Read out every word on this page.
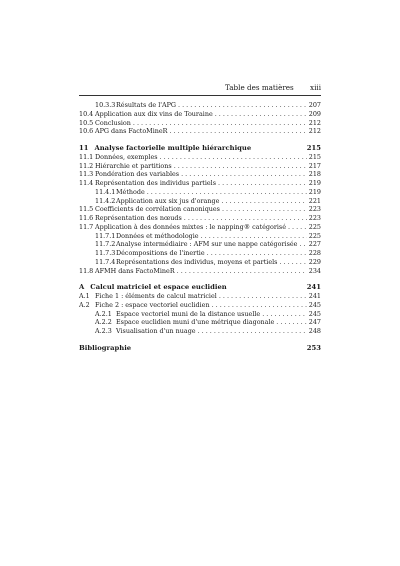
Table des matières xiii
10.3.3 Résultats de l'APG . . .	207
10.4 Application aux dix vins de Touraine . . .	209
10.5 Conclusion . . .	212
10.6 APG dans FactoMineR . . .	212
11 Analyse factorielle multiple hiérarchique	215
11.1 Données, exemples . . .	215
11.2 Hiérarchie et partitions . . .	217
11.3 Pondération des variables . . .	218
11.4 Représentation des individus partiels . . .	219
11.4.1 Méthode . . .	219
11.4.2 Application aux six jus d'orange . . .	221
11.5 Coefficients de corrélation canoniques . . .	223
11.6 Représentation des nœuds . . .	223
11.7 Application à des données mixtes : le napping® catégorisé . . .	225
11.7.1 Données et méthodologie . . .	225
11.7.2 Analyse intermédiaire : AFM sur une nappe catégorisée . . . 227
11.7.3 Décompositions de l'inertie . . .	228
11.7.4 Représentations des individus, moyens et partiels . . .	229
11.8 AFMH dans FactoMineR . . .	234
A Calcul matriciel et espace euclidien	241
A.1 Fiche 1 : éléments de calcul matriciel . . .	241
A.2 Fiche 2 : espace vectoriel euclidien . . .	245
A.2.1 Espace vectoriel muni de la distance usuelle . . .	245
A.2.2 Espace euclidien muni d'une métrique diagonale . . .	247
A.2.3 Visualisation d'un nuage . . .	248
Bibliographie	253
